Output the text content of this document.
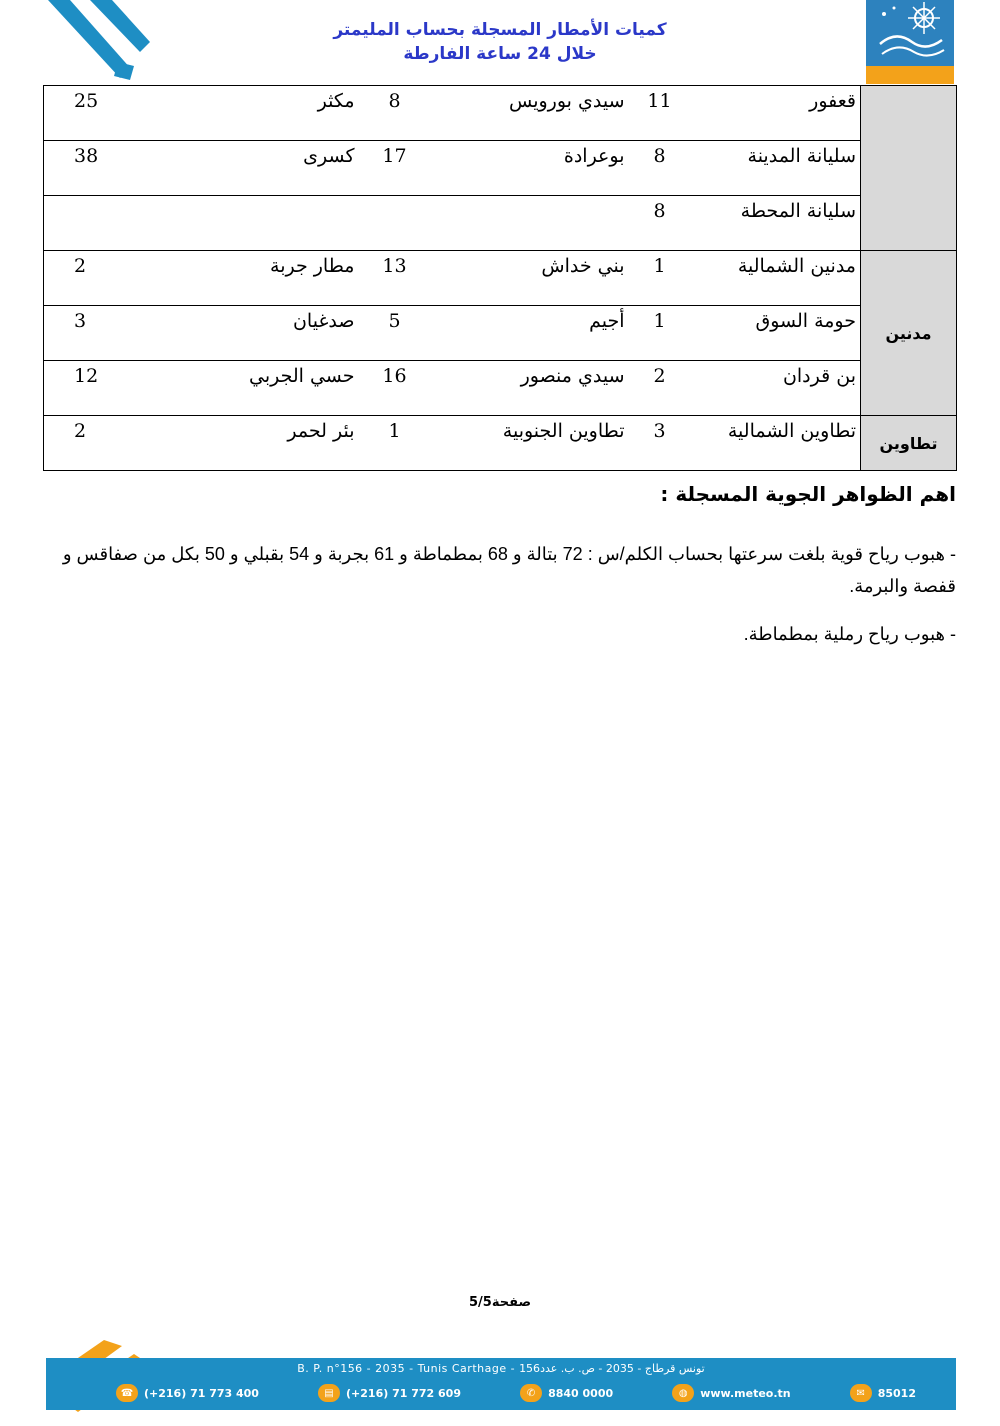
كميات الأمطار المسجلة بحساب المليمتر
خلال 24 ساعة الفارطة

	قعفور	11	سيدي بورويس	8	مكثر	25
	سليانة المدينة	8	بوعرادة	17	كسرى	38
	سليانة المحطة	8				
مدنين	مدنين الشمالية	1	بني خداش	13	مطار جربة	2
	حومة السوق	1	أجيم	5	صدغيان	3
	بن قردان	2	سيدي منصور	16	حسي الجربي	12
تطاوين	تطاوين الشمالية	3	تطاوين الجنوبية	1	بئر لحمر	2
اهم الظواهر الجوية المسجلة :
- هبوب رياح قوية بلغت سرعتها بحساب الكلم/س : 72 بتالة و 68 بمطماطة و 61 بجربة و 54 بقبلي و 50 بكل من صفاقس و قفصة والبرمة.
- هبوب رياح رملية بمطماطة.
صفحة5/5
B. P. n°156 - 2035 - Tunis Carthage - تونس قرطاج - 2035 - ص. ب. عدد156
☎ (+216) 71 773 400	▤	(+216) 71 772 609	✆	8840 0000	◍	www.meteo.tn	✉	85012
